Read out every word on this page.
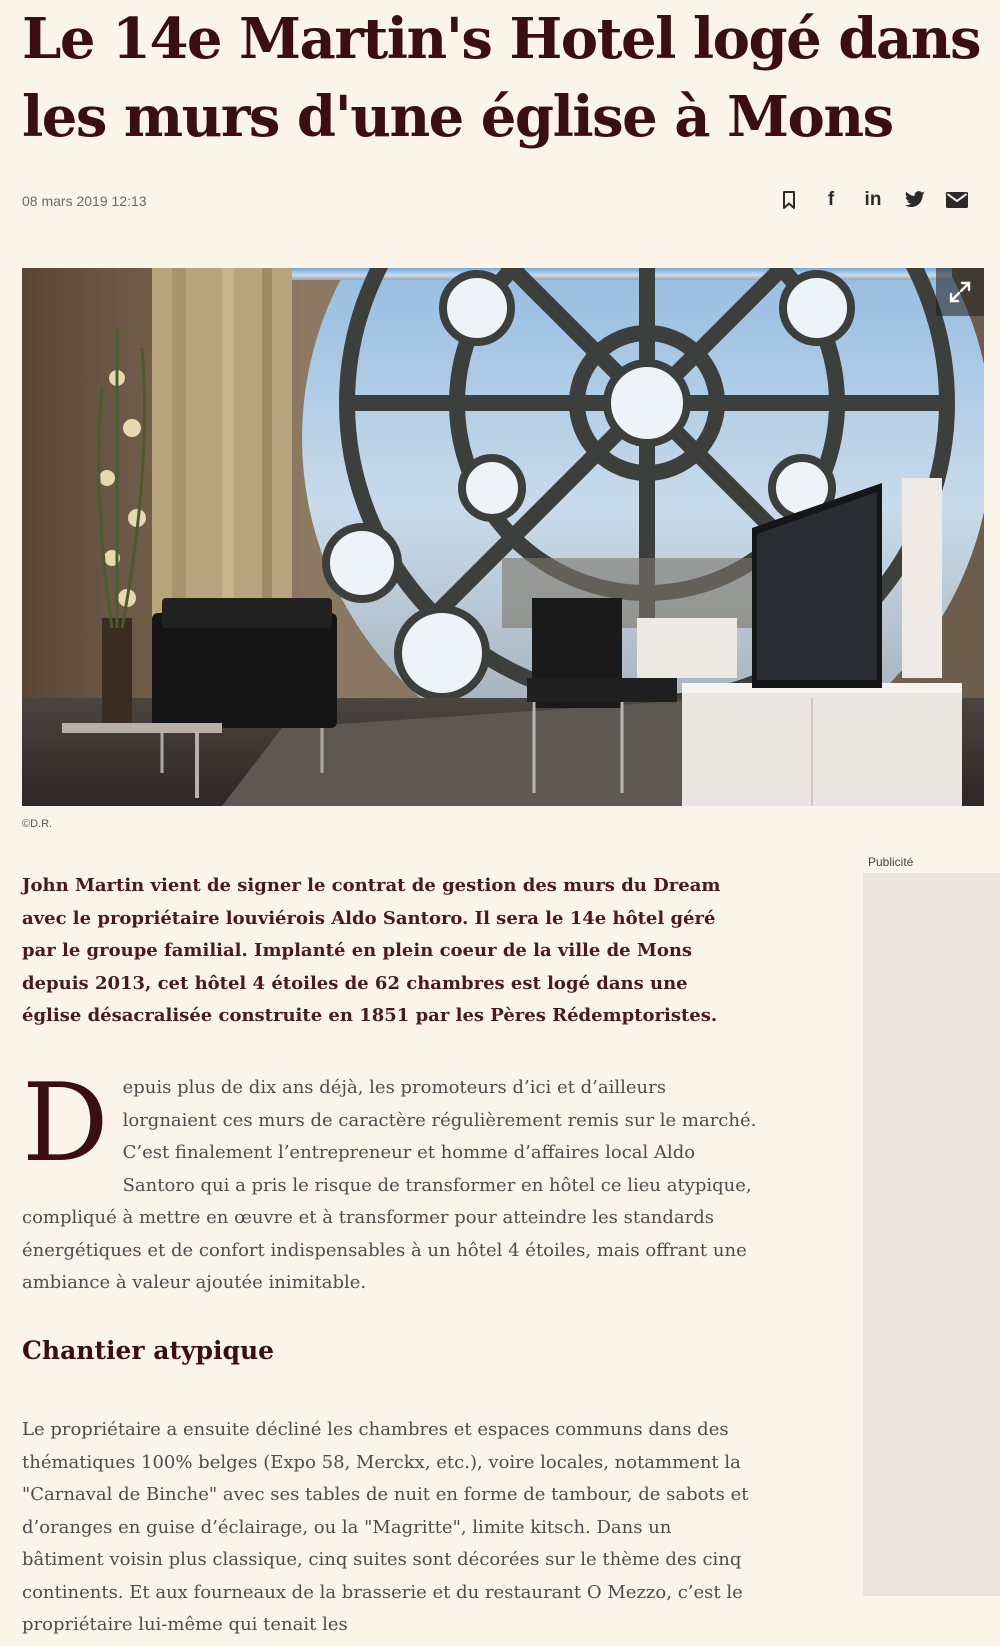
Le 14e Martin's Hotel logé dans les murs d'une église à Mons
08 mars 2019 12:13	f	in
©D.R.
Publicité

John Martin vient de signer le contrat de gestion des murs du Dream avec le propriétaire louviérois Aldo Santoro. Il sera le 14e hôtel géré par le groupe familial. Implanté en plein coeur de la ville de Mons depuis 2013, cet hôtel 4 étoiles de 62 chambres est logé dans une église désacralisée construite en 1851 par les Pères Rédemptoristes.

Depuis plus de dix ans déjà, les promoteurs d’ici et d’ailleurs lorgnaient ces murs de caractère régulièrement remis sur le marché. C’est finalement l’entrepreneur et homme d’affaires local Aldo Santoro qui a pris le risque de transformer en hôtel ce lieu atypique, compliqué à mettre en œuvre et à transformer pour atteindre les standards énergétiques et de confort indispensables à un hôtel 4 étoiles, mais offrant une ambiance à valeur ajoutée inimitable.

Chantier atypique

Le propriétaire a ensuite décliné les chambres et espaces communs dans des thématiques 100% belges (Expo 58, Merckx, etc.), voire locales, notamment la "Carnaval de Binche" avec ses tables de nuit en forme de tambour, de sabots et d’oranges en guise d’éclairage, ou la "Magritte", limite kitsch. Dans un bâtiment voisin plus classique, cinq suites sont décorées sur le thème des cinq continents. Et aux fourneaux de la brasserie et du restaurant O Mezzo, c’est le propriétaire lui-même qui tenait les
